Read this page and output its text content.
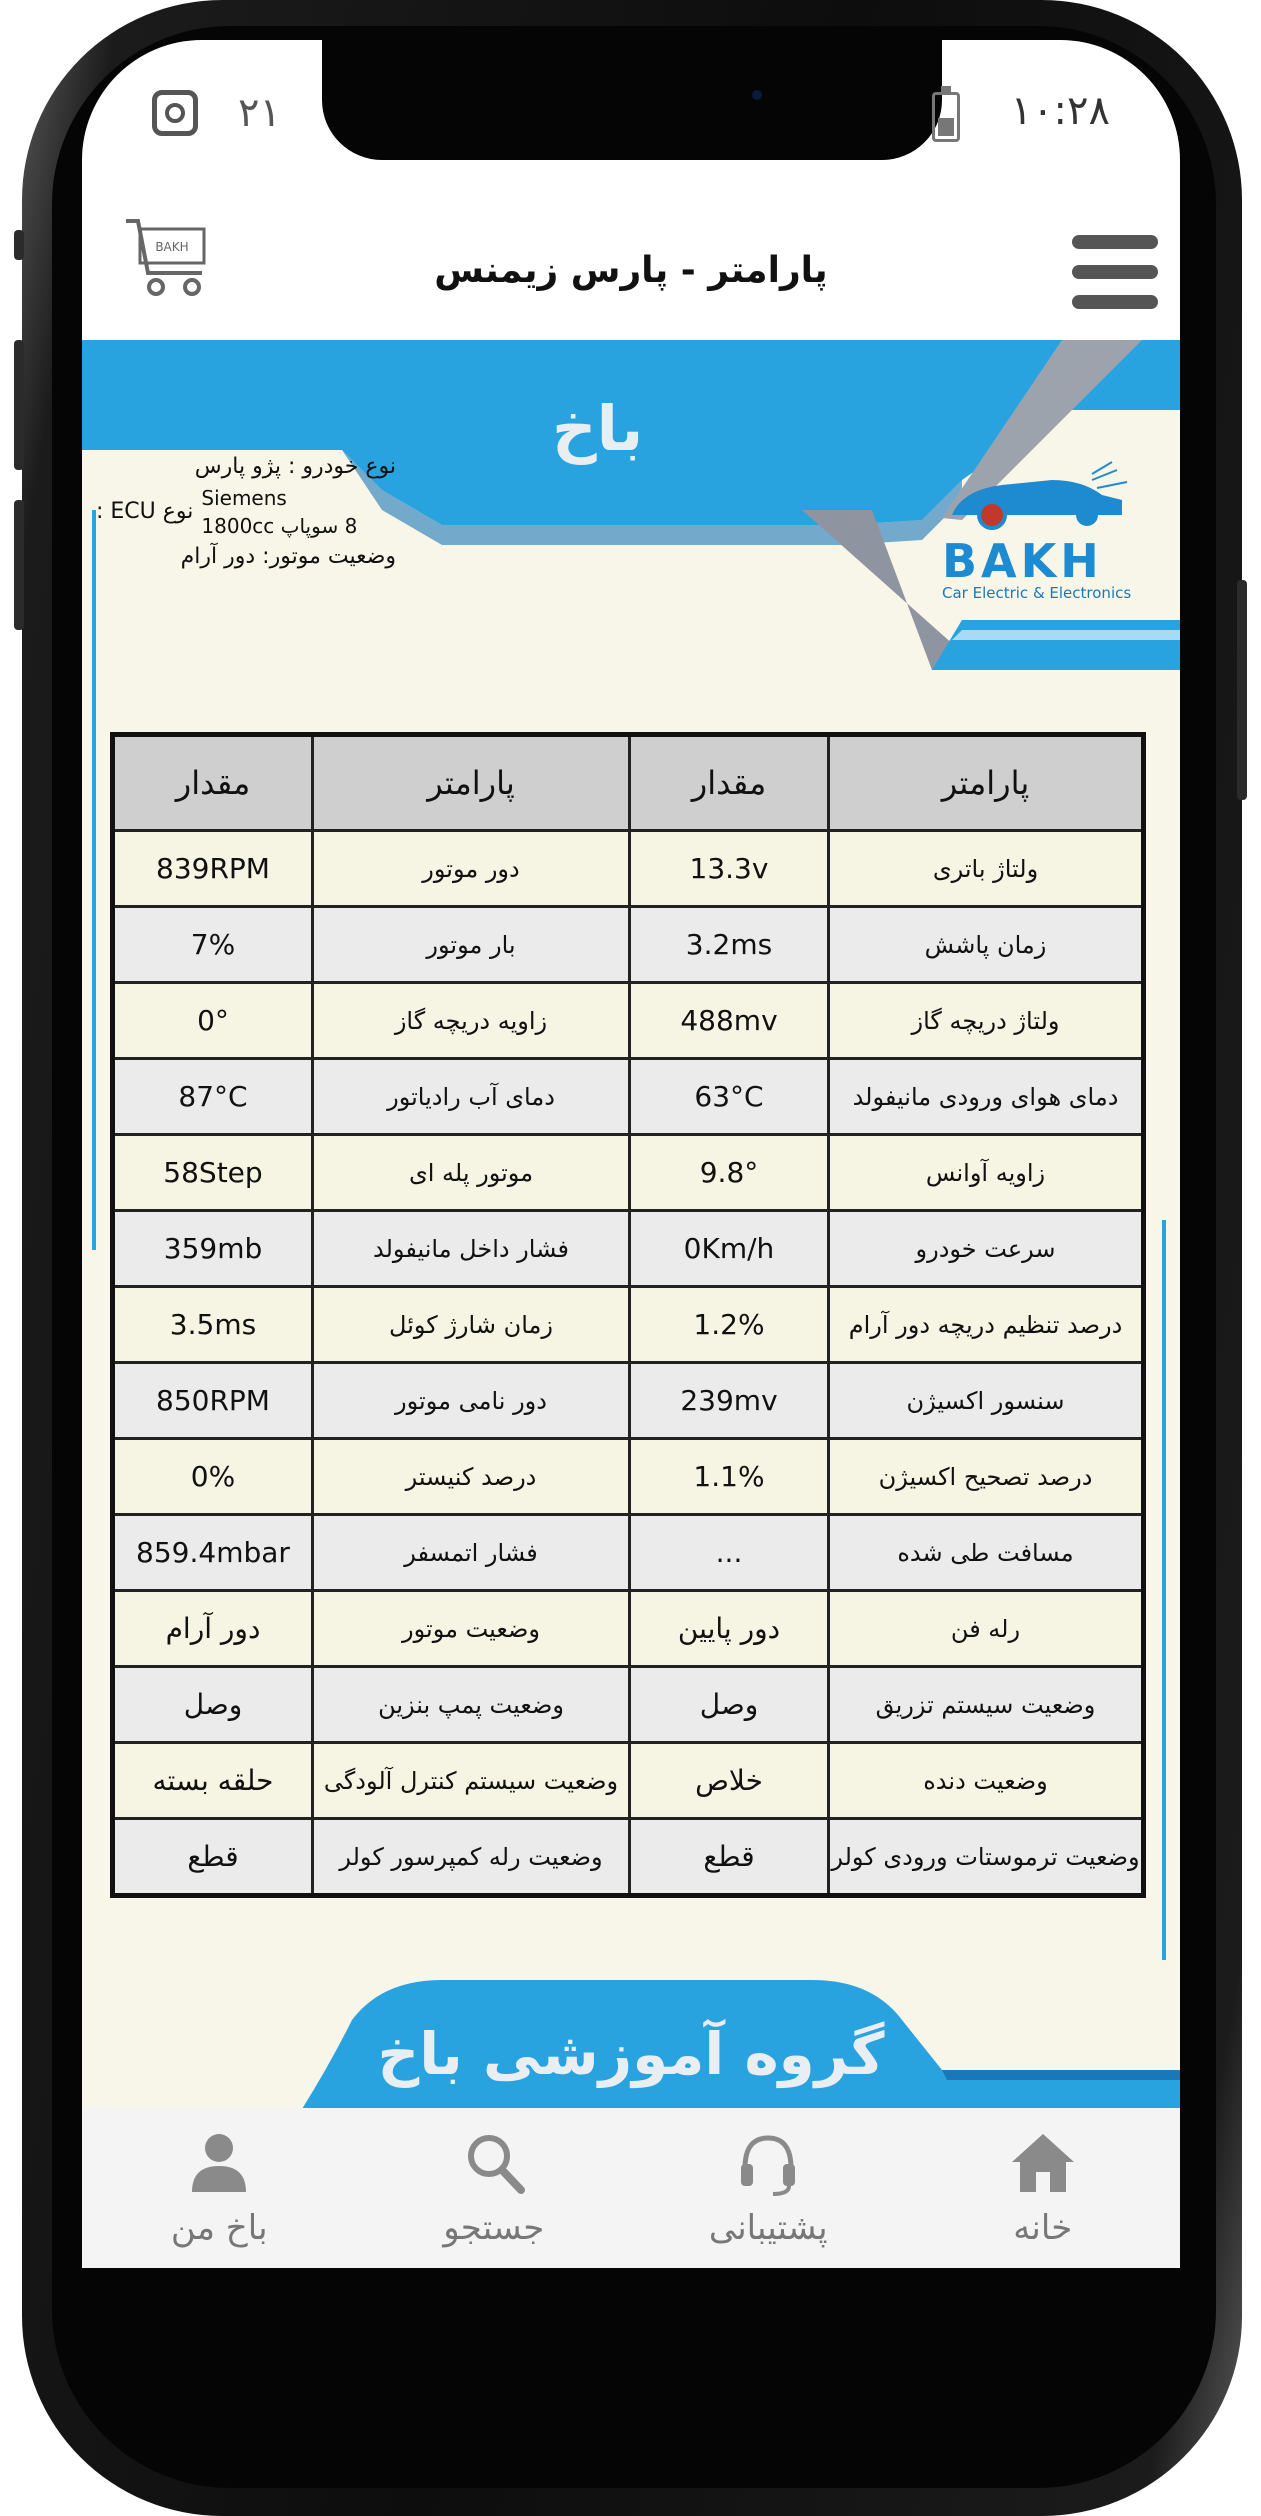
۲۱	۱۰:۲۸
BAKH
پارامتر - پارس زیمنس
باخ
نوع خودرو : پژو پارس
Siemens
8 سوپاپ 1800cc
نوع ECU :
وضعیت موتور: دور آرام	BAKH
Car Electric & Electronics
مقدار	پارامتر	مقدار	پارامتر
839RPM	دور موتور	13.3v	ولتاژ باتری
7%	بار موتور	3.2ms	زمان پاشش
0°	زاویه دریچه گاز	488mv	ولتاژ دریچه گاز
87°C	دمای آب رادیاتور	63°C	دمای هوای ورودی مانیفولد
58Step	موتور پله ای	9.8°	زاویه آوانس
359mb	فشار داخل مانیفولد	0Km/h	سرعت خودرو
3.5ms	زمان شارژ کوئل	1.2%	درصد تنظیم دریچه دور آرام
850RPM	دور نامی موتور	239mv	سنسور اکسیژن
0%	درصد کنیستر	1.1%	درصد تصحیح اکسیژن
859.4mbar	فشار اتمسفر	...	مسافت طی شده
دور آرام	وضعیت موتور	دور پایین	رله فن
وصل	وضعیت پمپ بنزین	وصل	وضعیت سیستم تزریق
حلقه بسته	وضعیت سیستم کنترل آلودگی	خلاص	وضعیت دنده
قطع	وضعیت رله کمپرسور کولر	قطع	وضعیت ترموستات ورودی کولر
گروه آموزشی باخ
خانه
پشتیبانی
جستجو
باخ من
